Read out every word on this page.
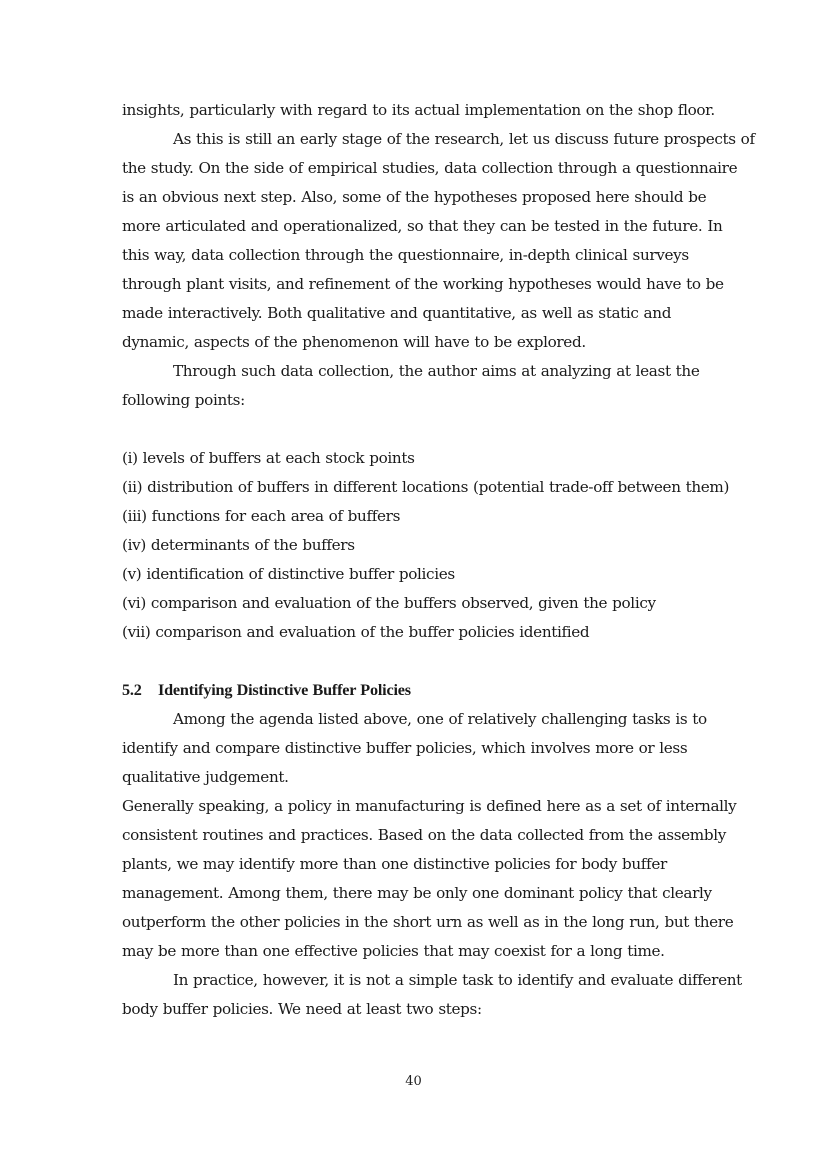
insights, particularly with regard to its actual implementation on the shop floor.
As this is still an early stage of the research, let us discuss future prospects of
the study. On the side of empirical studies, data collection through a questionnaire
is an obvious next step. Also, some of the hypotheses proposed here should be
more articulated and operationalized, so that they can be tested in the future. In
this way, data collection through the questionnaire, in-depth clinical surveys
through plant visits, and refinement of the working hypotheses would have to be
made interactively. Both qualitative and quantitative, as well as static and
dynamic, aspects of the phenomenon will have to be explored.
Through such data collection, the author aims at analyzing at least the
following points:
(i) levels of buffers at each stock points
(ii) distribution of buffers in different locations (potential trade-off between them)
(iii) functions for each area of buffers
(iv) determinants of the buffers
(v) identification of distinctive buffer policies
(vi) comparison and evaluation of the buffers observed, given the policy
(vii) comparison and evaluation of the buffer policies identified
5.2 Identifying Distinctive Buffer Policies
Among the agenda listed above, one of relatively challenging tasks is to
identify and compare distinctive buffer policies, which involves more or less
qualitative judgement.
Generally speaking, a policy in manufacturing is defined here as a set of internally
consistent routines and practices. Based on the data collected from the assembly
plants, we may identify more than one distinctive policies for body buffer
management. Among them, there may be only one dominant policy that clearly
outperform the other policies in the short urn as well as in the long run, but there
may be more than one effective policies that may coexist for a long time.
In practice, however, it is not a simple task to identify and evaluate different
body buffer policies. We need at least two steps:
40
